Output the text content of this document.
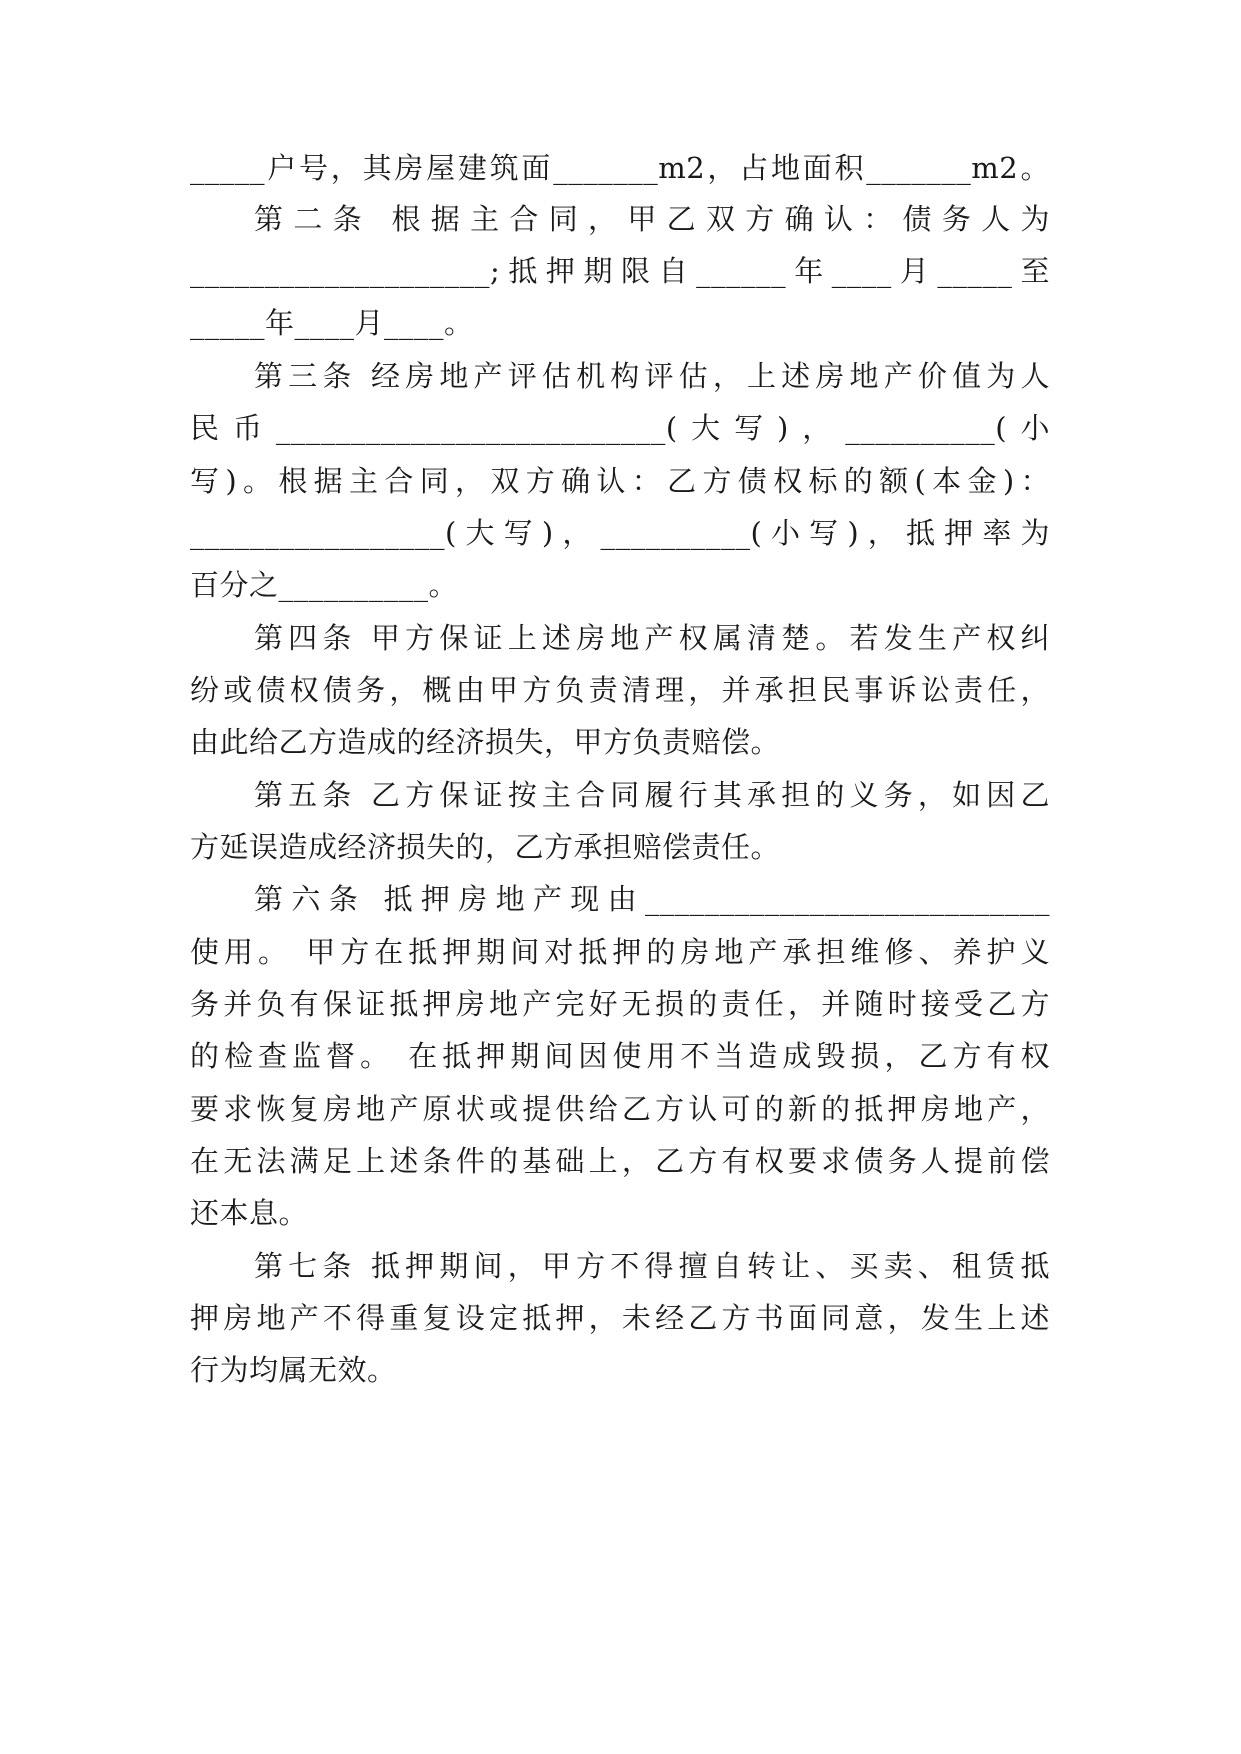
_____户号，其房屋建筑面_______m2，占地面积_______m2。
第二条 根据主合同，甲乙双方确认：债务人为
____________________;抵押期限自______年____月_____至
_____年____月____。
第三条 经房地产评估机构评估，上述房地产价值为人
民币__________________________(大写)，__________(小
写)。根据主合同，双方确认：乙方债权标的额(本金)：
_________________(大写)，__________(小写)，抵押率为
百分之__________。
第四条 甲方保证上述房地产权属清楚。若发生产权纠
纷或债权债务，概由甲方负责清理，并承担民事诉讼责任，
由此给乙方造成的经济损失，甲方负责赔偿。
第五条 乙方保证按主合同履行其承担的义务，如因乙
方延误造成经济损失的，乙方承担赔偿责任。
第六条 抵押房地产现由___________________________
使用。 甲方在抵押期间对抵押的房地产承担维修、养护义
务并负有保证抵押房地产完好无损的责任，并随时接受乙方
的检查监督。 在抵押期间因使用不当造成毁损，乙方有权
要求恢复房地产原状或提供给乙方认可的新的抵押房地产，
在无法满足上述条件的基础上，乙方有权要求债务人提前偿
还本息。
第七条 抵押期间，甲方不得擅自转让、买卖、租赁抵
押房地产不得重复设定抵押，未经乙方书面同意，发生上述
行为均属无效。
